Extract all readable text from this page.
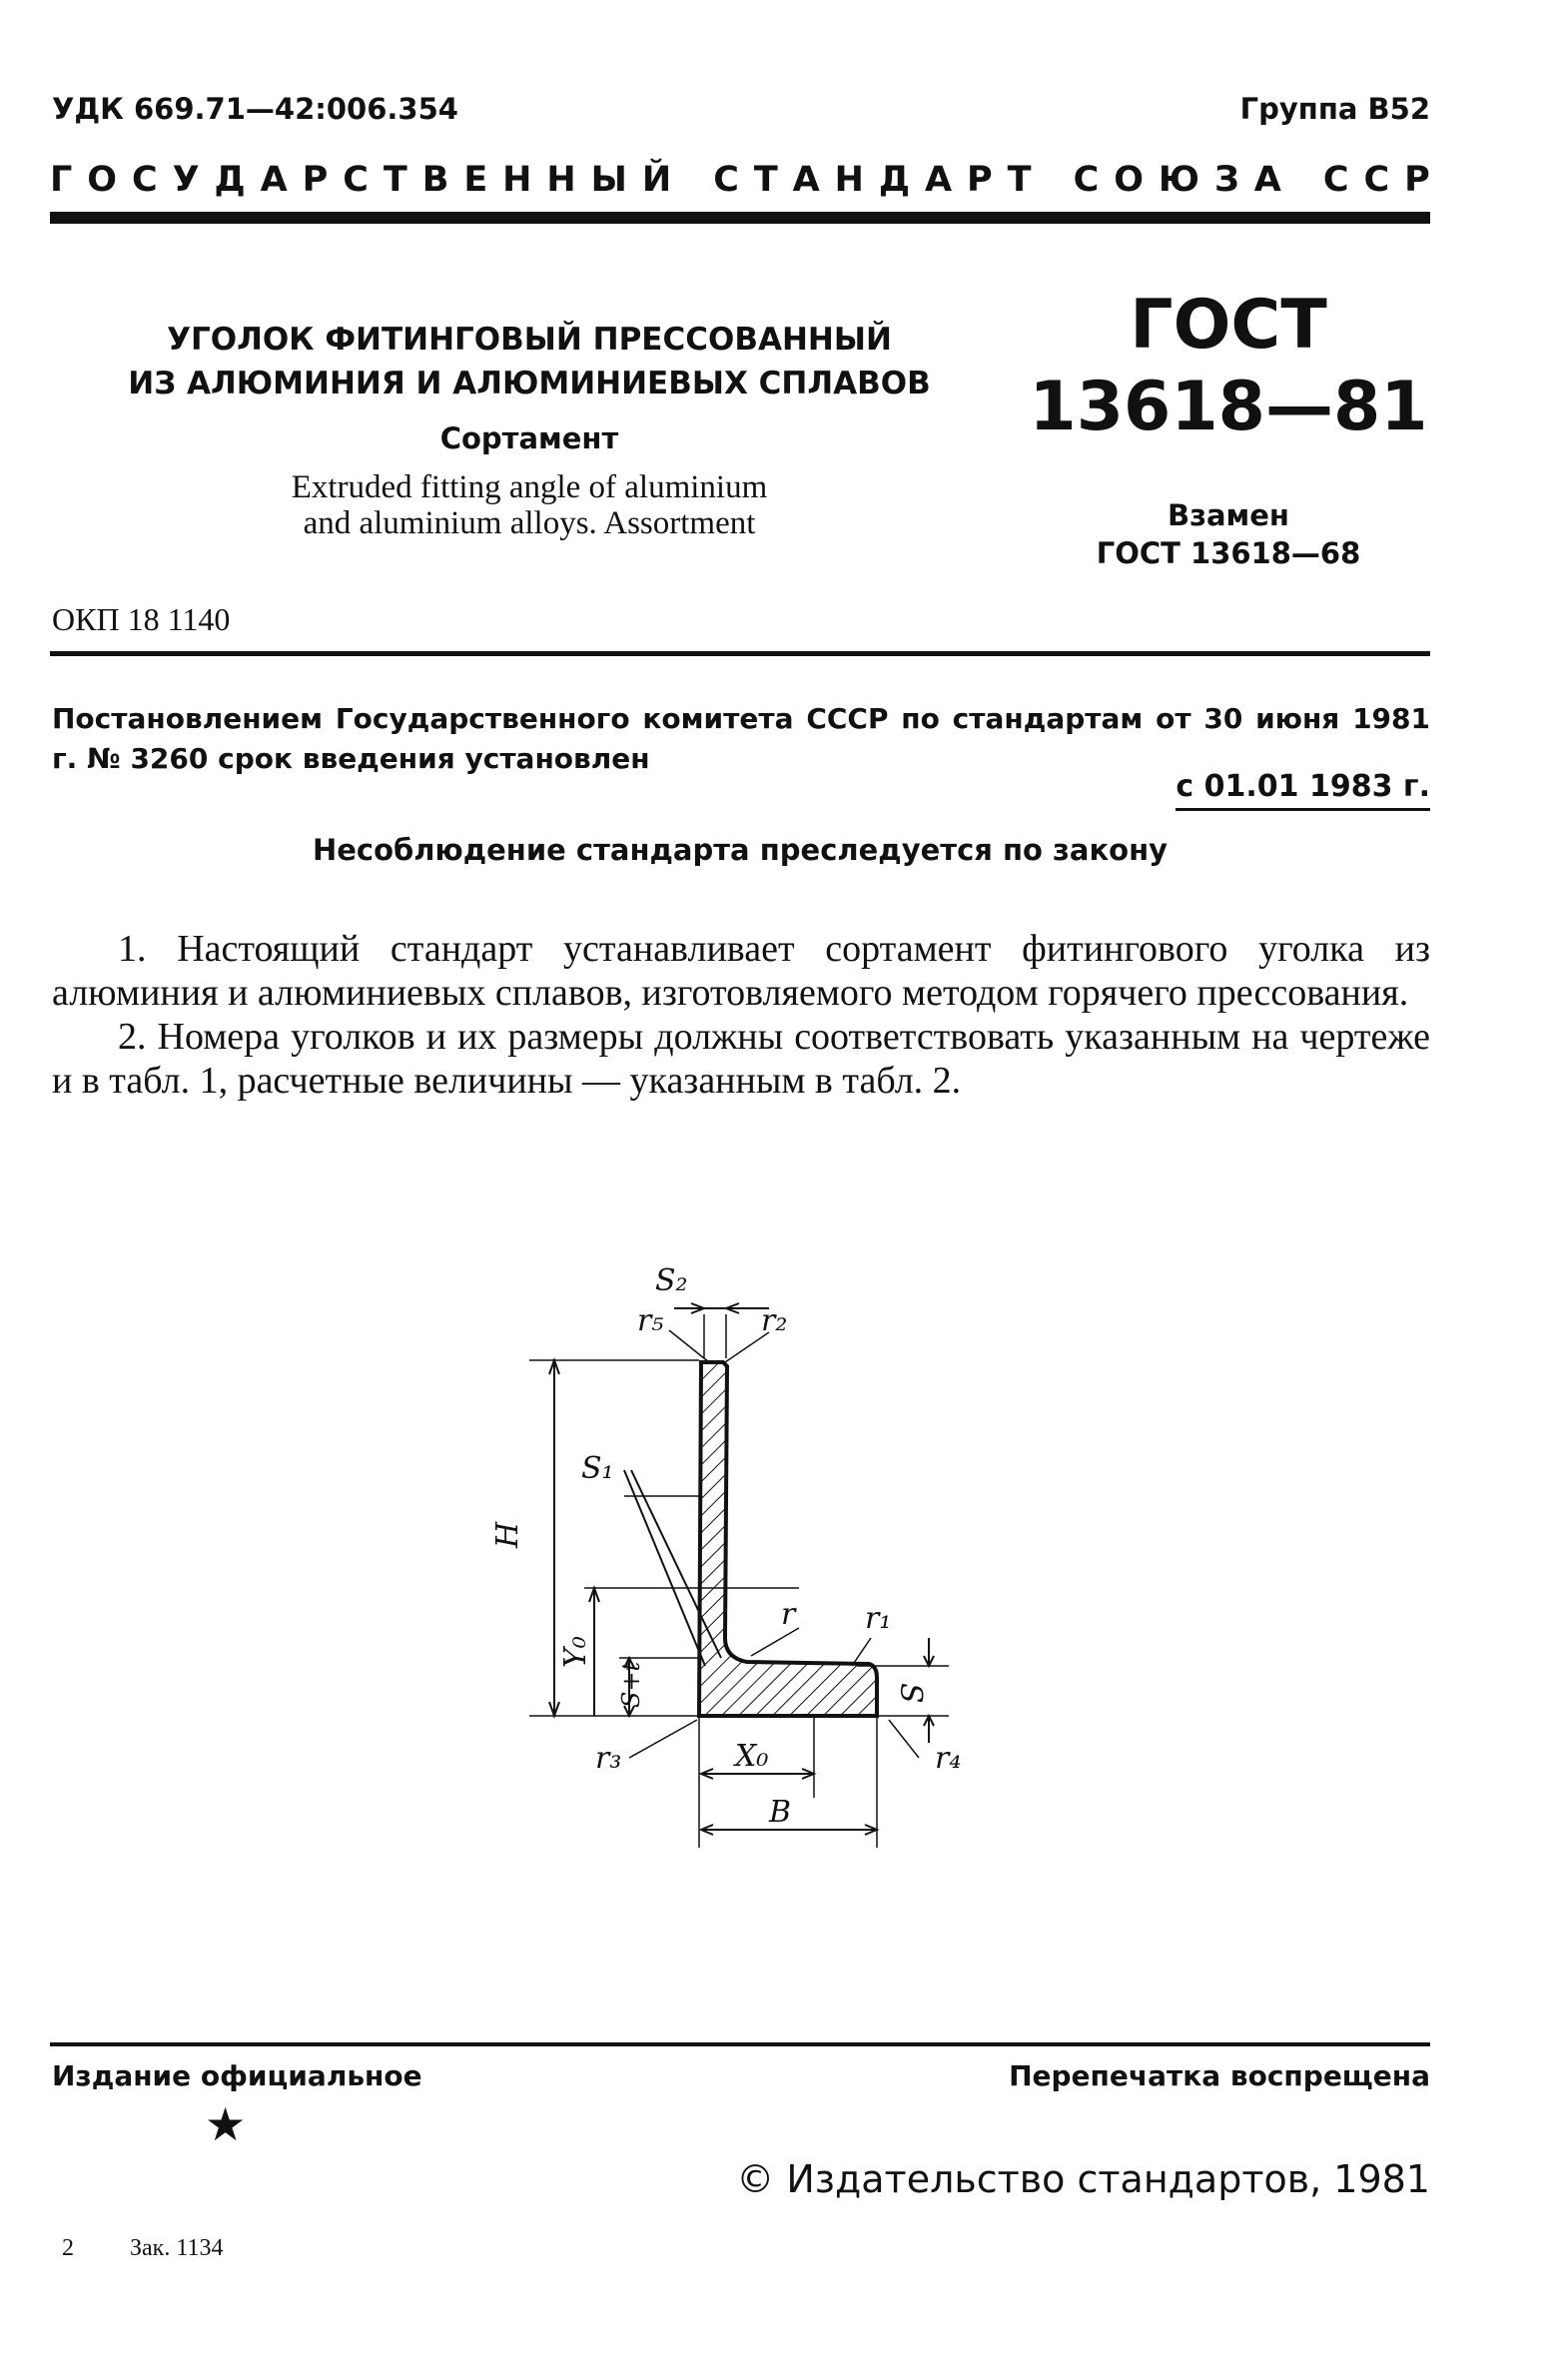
УДК 669.71—42:006.354	Группа В52
Г О С У Д А Р С Т В Е Н Н Ы Й
С Т А Н Д А Р Т
С О Ю З А
С С Р
УГОЛОК ФИТИНГОВЫЙ ПРЕССОВАННЫЙ
ИЗ АЛЮМИНИЯ И АЛЮМИНИЕВЫХ СПЛАВОВ
Сортамент
Extruded fitting angle of aluminium
and aluminium alloys. Assortment
ГОСТ
13618—81
Взамен
ГОСТ 13618—68
ОКП 18 1140
Постановлением Государственного комитета СССР по стандартам от 30 июня 1981 г. № 3260 срок введения установлен
с 01.01 1983 г.
Несоблюдение стандарта преследуется по закону

1. Настоящий стандарт устанавливает сортамент фитингового уголка из алюминия и алюминиевых сплавов, изготовляемого методом горячего прессования.

2. Номера уголков и их размеры должны соответствовать указанным на чертеже и в табл. 1, расчетные величины — указанным в табл. 2.

S₂
r₅	r₂
S₁
H
Y₀
S+t
r r₁
S
r₃	X₀	r₄
B
Издание официальное	Перепечатка воспрещена
★
© Издательство стандартов, 1981
2 Зак. 1134
